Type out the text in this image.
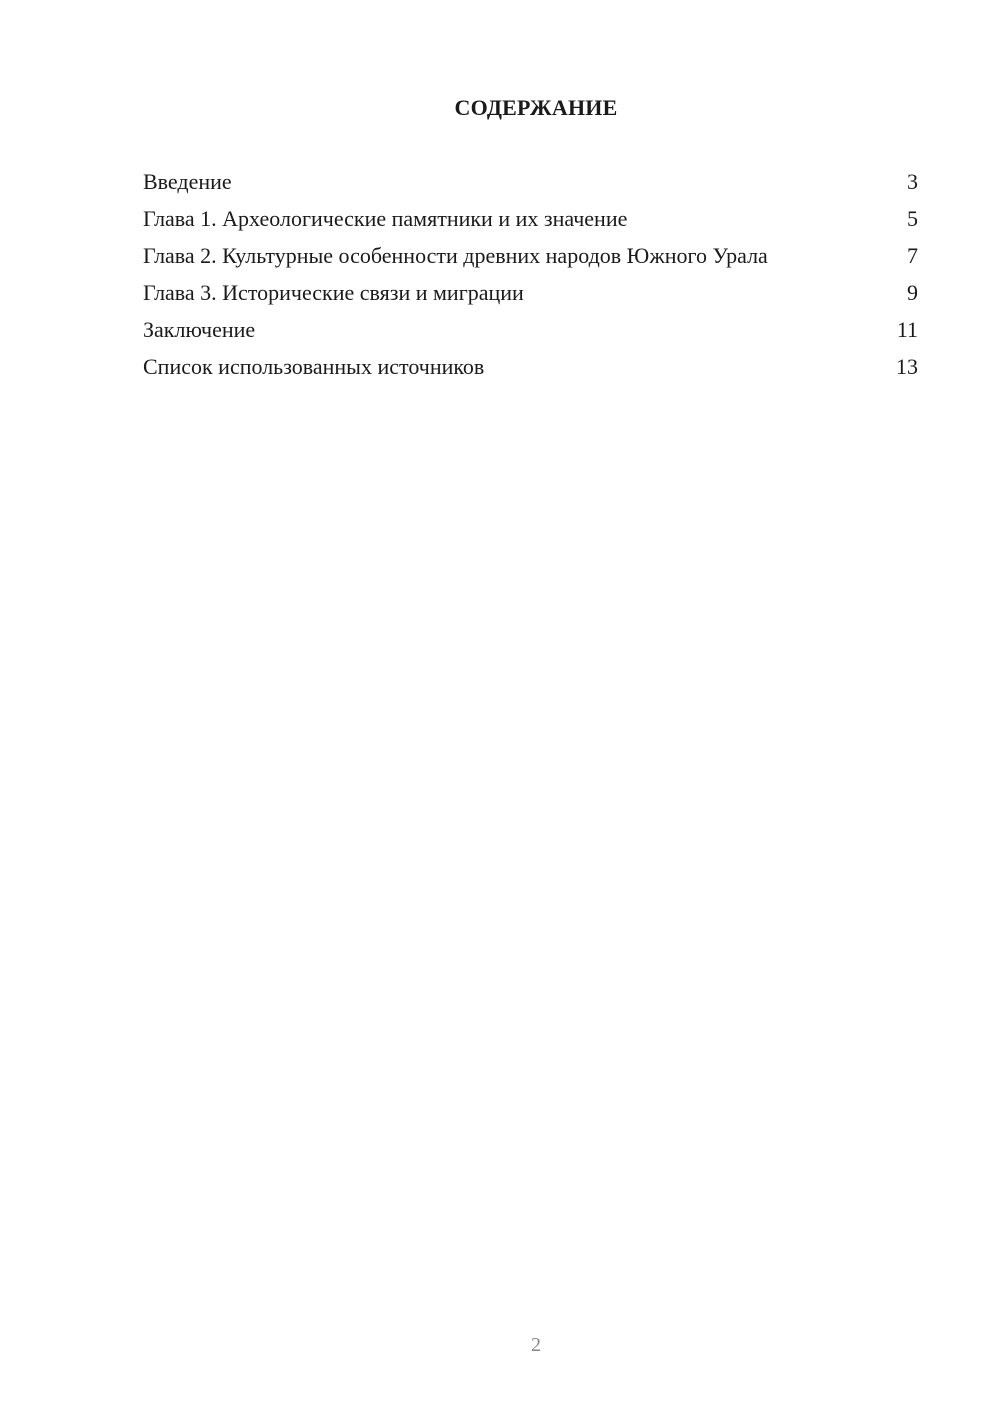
СОДЕРЖАНИЕ
Введение	3
Глава 1. Археологические памятники и их значение	5
Глава 2. Культурные особенности древних народов Южного Урала	7
Глава 3. Исторические связи и миграции	9
Заключение	11
Список использованных источников	13
2
